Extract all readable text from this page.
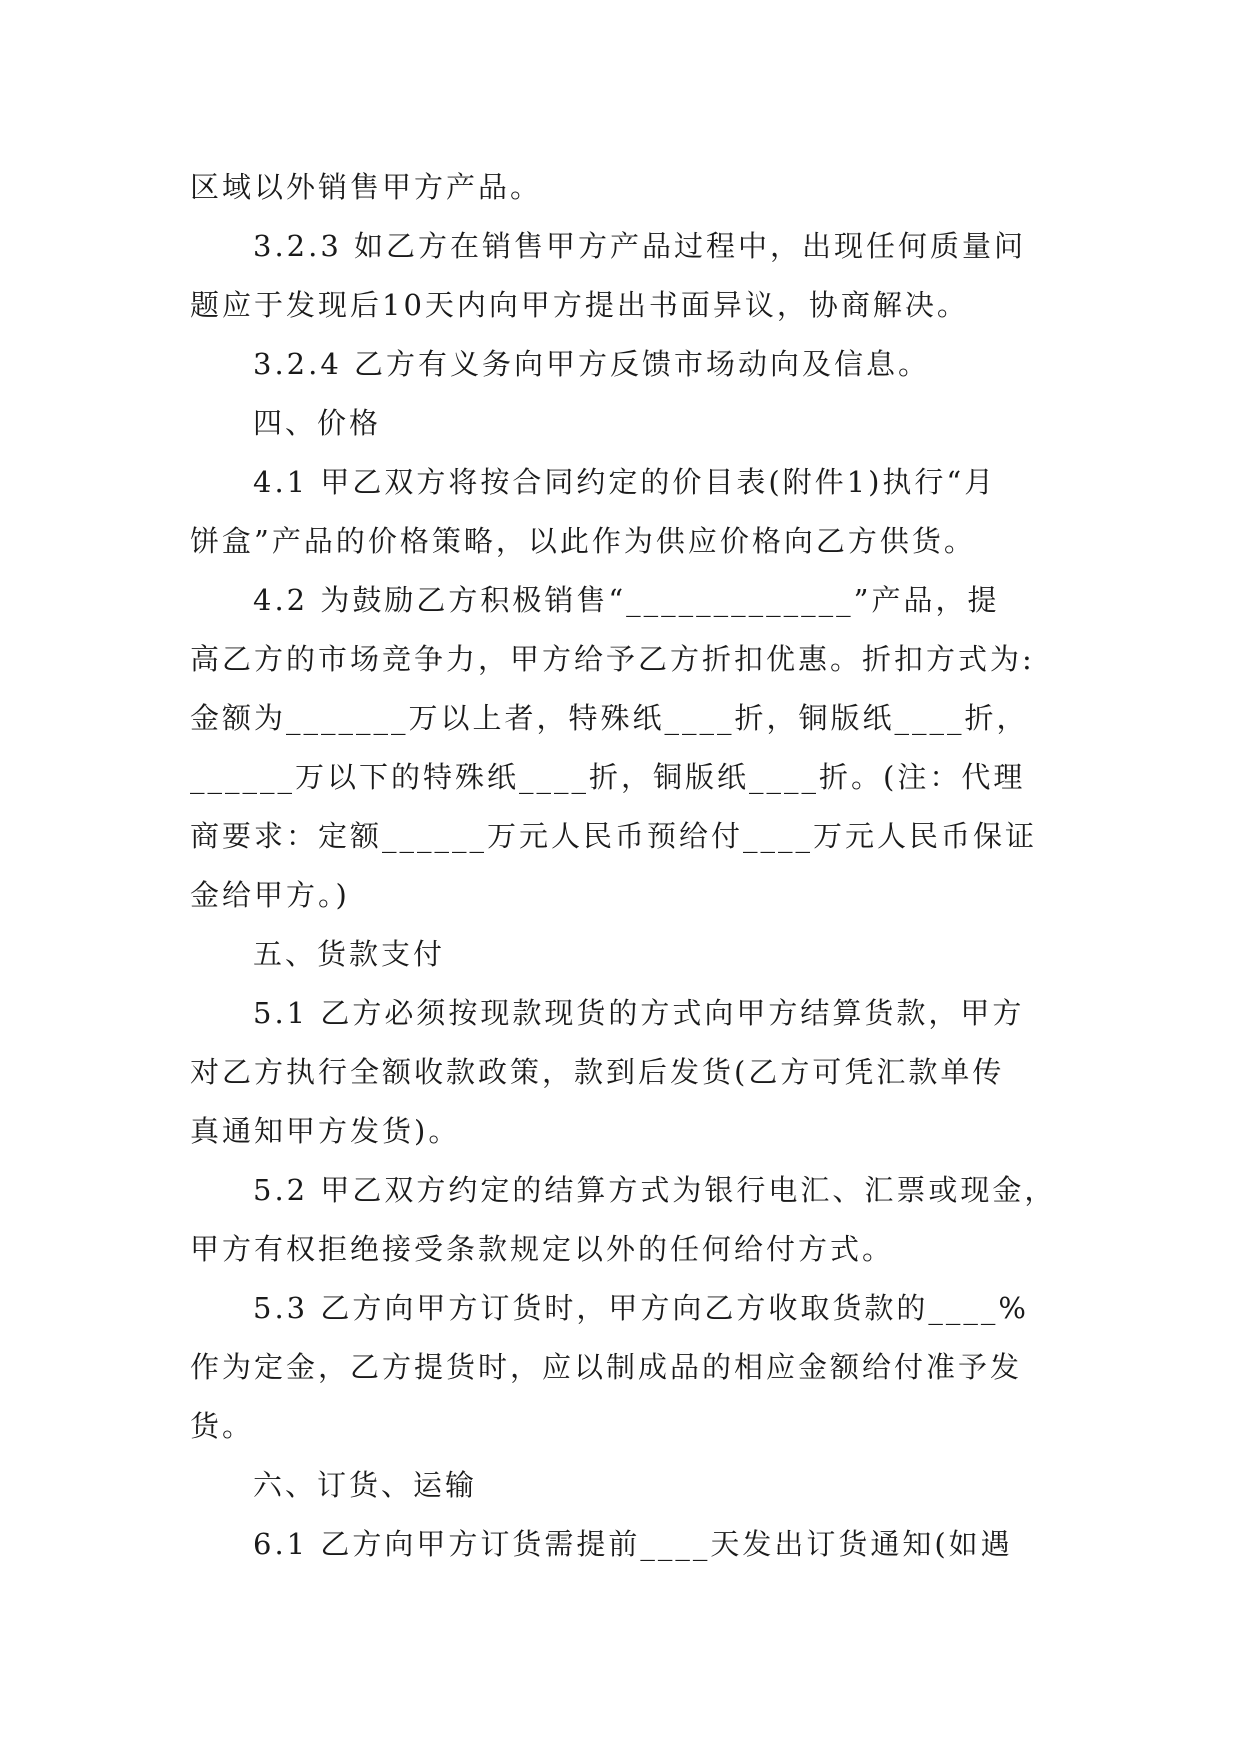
区域以外销售甲方产品。
3.2.3 如乙方在销售甲方产品过程中，出现任何质量问
题应于发现后10天内向甲方提出书面异议，协商解决。
3.2.4 乙方有义务向甲方反馈市场动向及信息。
四、价格
4.1 甲乙双方将按合同约定的价目表(附件1)执行“月
饼盒”产品的价格策略，以此作为供应价格向乙方供货。
4.2 为鼓励乙方积极销售“_____________”产品，提
高乙方的市场竞争力，甲方给予乙方折扣优惠。折扣方式为:
金额为_______万以上者，特殊纸____折，铜版纸____折，
______万以下的特殊纸____折，铜版纸____折。(注：代理
商要求：定额______万元人民币预给付____万元人民币保证
金给甲方。)
五、货款支付
5.1 乙方必须按现款现货的方式向甲方结算货款，甲方
对乙方执行全额收款政策，款到后发货(乙方可凭汇款单传
真通知甲方发货)。
5.2 甲乙双方约定的结算方式为银行电汇、汇票或现金，
甲方有权拒绝接受条款规定以外的任何给付方式。
5.3 乙方向甲方订货时，甲方向乙方收取货款的____%
作为定金，乙方提货时，应以制成品的相应金额给付准予发
货。
六、订货、运输
6.1 乙方向甲方订货需提前____天发出订货通知(如遇
